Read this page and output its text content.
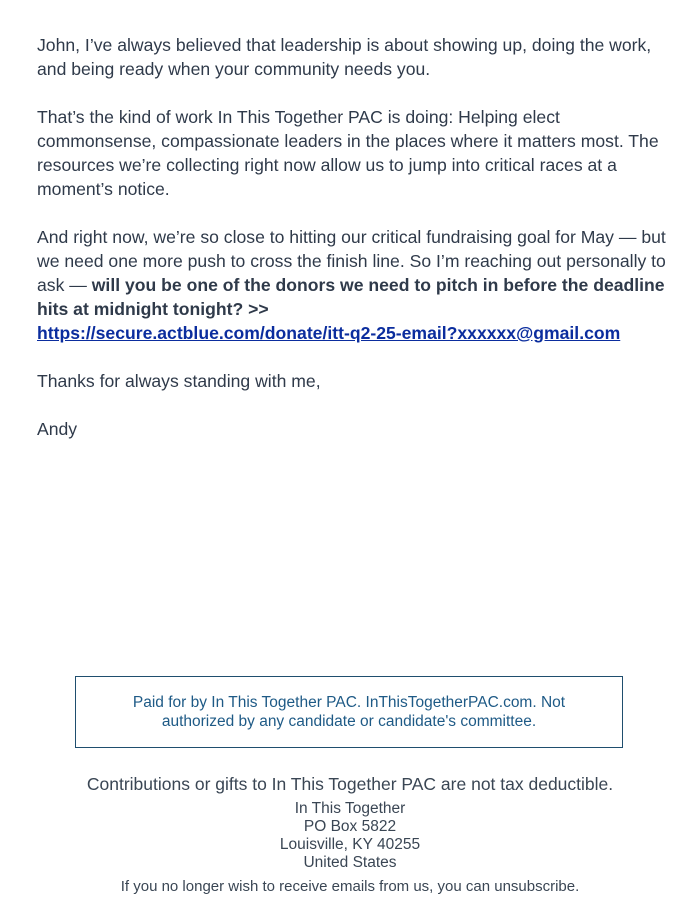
John, I’ve always believed that leadership is about showing up, doing the work, and being ready when your community needs you.

That’s the kind of work In This Together PAC is doing: Helping elect commonsense, compassionate leaders in the places where it matters most. The resources we’re collecting right now allow us to jump into critical races at a moment’s notice.

And right now, we’re so close to hitting our critical fundraising goal for May — but we need one more push to cross the finish line. So I’m reaching out personally to ask — will you be one of the donors we need to pitch in before the deadline hits at midnight tonight? >>
https://secure.actblue.com/donate/itt-q2-25-email?xxxxxx@gmail.com

Thanks for always standing with me,

Andy

Paid for by In This Together PAC. InThisTogetherPAC.com. Not authorized by any candidate or candidate's committee.
Contributions or gifts to In This Together PAC are not tax deductible.
In This Together
PO Box 5822
Louisville, KY 40255
United States
If you no longer wish to receive emails from us, you can unsubscribe.
